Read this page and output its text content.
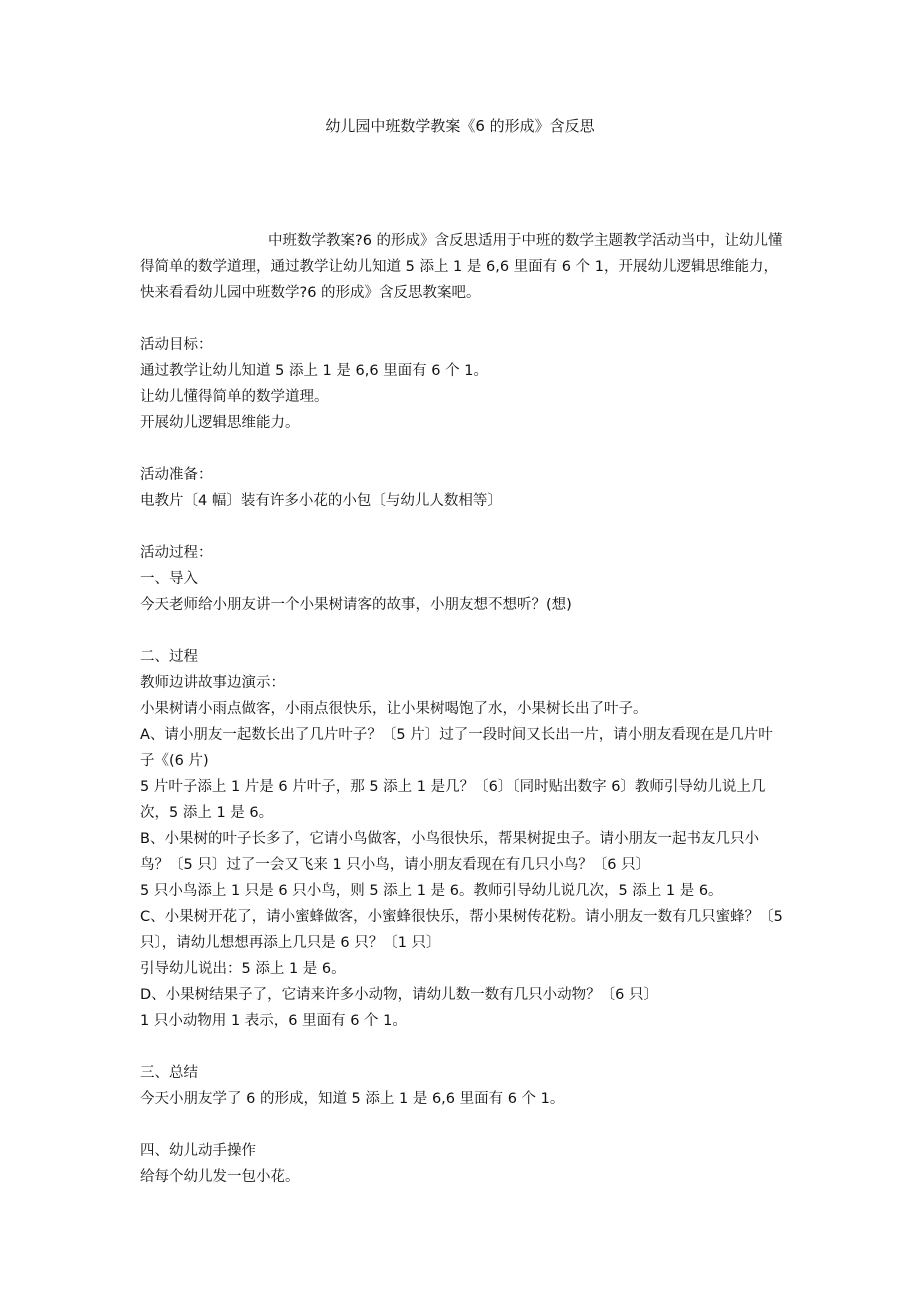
幼儿园中班数学教案《6 的形成》含反思

中班数学教案?6 的形成》含反思适用于中班的数学主题教学活动当中，让幼儿懂得简单的数学道理，通过教学让幼儿知道 5 添上 1 是 6,6 里面有 6 个 1，开展幼儿逻辑思维能力，快来看看幼儿园中班数学?6 的形成》含反思教案吧。

活动目标：

通过教学让幼儿知道 5 添上 1 是 6,6 里面有 6 个 1。

让幼儿懂得简单的数学道理。

开展幼儿逻辑思维能力。

活动准备：

电教片〔4 幅〕装有许多小花的小包〔与幼儿人数相等〕

活动过程：

一、导入

今天老师给小朋友讲一个小果树请客的故事，小朋友想不想听？(想)

二、过程

教师边讲故事边演示：

小果树请小雨点做客，小雨点很快乐，让小果树喝饱了水，小果树长出了叶子。

A、请小朋友一起数长出了几片叶子？〔5 片〕过了一段时间又长出一片，请小朋友看现在是几片叶子《(6 片)

5 片叶子添上 1 片是 6 片叶子，那 5 添上 1 是几？〔6〕〔同时贴出数字 6〕教师引导幼儿说上几次，5 添上 1 是 6。

B、小果树的叶子长多了，它请小鸟做客，小鸟很快乐，帮果树捉虫子。请小朋友一起书友几只小鸟？〔5 只〕过了一会又飞来 1 只小鸟，请小朋友看现在有几只小鸟？〔6 只〕

5 只小鸟添上 1 只是 6 只小鸟，则 5 添上 1 是 6。教师引导幼儿说几次，5 添上 1 是 6。

C、小果树开花了，请小蜜蜂做客，小蜜蜂很快乐，帮小果树传花粉。请小朋友一数有几只蜜蜂？〔5 只〕，请幼儿想想再添上几只是 6 只？〔1 只〕

引导幼儿说出：5 添上 1 是 6。

D、小果树结果子了，它请来许多小动物，请幼儿数一数有几只小动物？〔6 只〕

1 只小动物用 1 表示，6 里面有 6 个 1。

三、总结

今天小朋友学了 6 的形成，知道 5 添上 1 是 6,6 里面有 6 个 1。

四、幼儿动手操作

给每个幼儿发一包小花。
